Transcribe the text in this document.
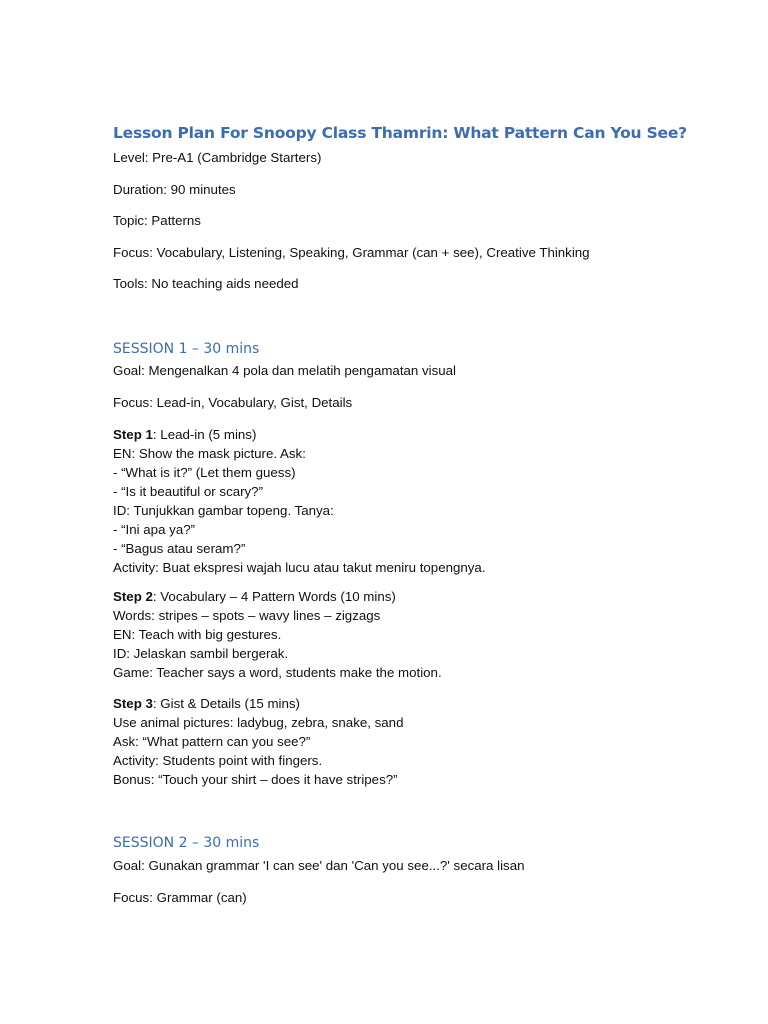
Lesson Plan For Snoopy Class Thamrin: What Pattern Can You See?
Level: Pre-A1 (Cambridge Starters)
Duration: 90 minutes
Topic: Patterns
Focus: Vocabulary, Listening, Speaking, Grammar (can + see), Creative Thinking
Tools: No teaching aids needed
SESSION 1 – 30 mins
Goal: Mengenalkan 4 pola dan melatih pengamatan visual
Focus: Lead-in, Vocabulary, Gist, Details
Step 1: Lead-in (5 mins)
EN: Show the mask picture. Ask:
- “What is it?” (Let them guess)
- “Is it beautiful or scary?”
ID: Tunjukkan gambar topeng. Tanya:
- “Ini apa ya?”
- “Bagus atau seram?”
Activity: Buat ekspresi wajah lucu atau takut meniru topengnya.
Step 2: Vocabulary – 4 Pattern Words (10 mins)
Words: stripes – spots – wavy lines – zigzags
EN: Teach with big gestures.
ID: Jelaskan sambil bergerak.
Game: Teacher says a word, students make the motion.
Step 3: Gist & Details (15 mins)
Use animal pictures: ladybug, zebra, snake, sand
Ask: “What pattern can you see?”
Activity: Students point with fingers.
Bonus: “Touch your shirt – does it have stripes?”
SESSION 2 – 30 mins
Goal: Gunakan grammar 'I can see' dan 'Can you see...?' secara lisan
Focus: Grammar (can)
